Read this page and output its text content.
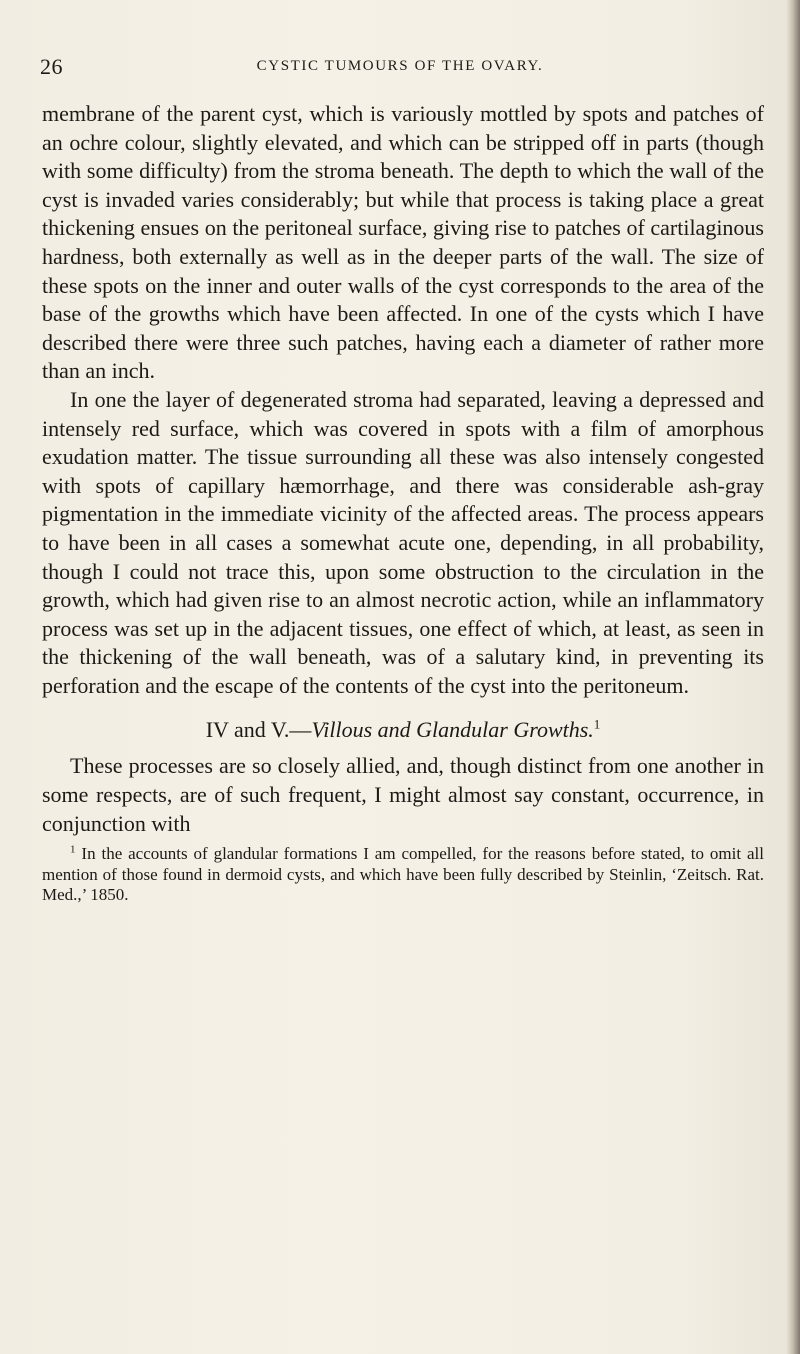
26	CYSTIC TUMOURS OF THE OVARY.

membrane of the parent cyst, which is variously mottled by spots and patches of an ochre colour, slightly elevated, and which can be stripped off in parts (though with some difficulty) from the stroma beneath. The depth to which the wall of the cyst is invaded varies considerably; but while that process is taking place a great thickening ensues on the peritoneal surface, giving rise to patches of cartilaginous hardness, both externally as well as in the deeper parts of the wall. The size of these spots on the inner and outer walls of the cyst corresponds to the area of the base of the growths which have been affected. In one of the cysts which I have described there were three such patches, having each a diameter of rather more than an inch.

In one the layer of degenerated stroma had separated, leaving a depressed and intensely red surface, which was covered in spots with a film of amorphous exudation matter. The tissue surrounding all these was also intensely congested with spots of capillary hæmorrhage, and there was considerable ash-gray pigmentation in the immediate vicinity of the affected areas. The process appears to have been in all cases a somewhat acute one, depending, in all probability, though I could not trace this, upon some obstruction to the circulation in the growth, which had given rise to an almost necrotic action, while an inflammatory process was set up in the adjacent tissues, one effect of which, at least, as seen in the thickening of the wall beneath, was of a salutary kind, in preventing its perforation and the escape of the contents of the cyst into the peritoneum.

IV and V.—Villous and Glandular Growths.$^1$

These processes are so closely allied, and, though distinct from one another in some respects, are of such frequent, I might almost say constant, occurrence, in conjunction with

$^1$ In the accounts of glandular formations I am compelled, for the reasons before stated, to omit all mention of those found in dermoid cysts, and which have been fully described by Steinlin, ‘Zeitsch. Rat. Med.,’ 1850.
